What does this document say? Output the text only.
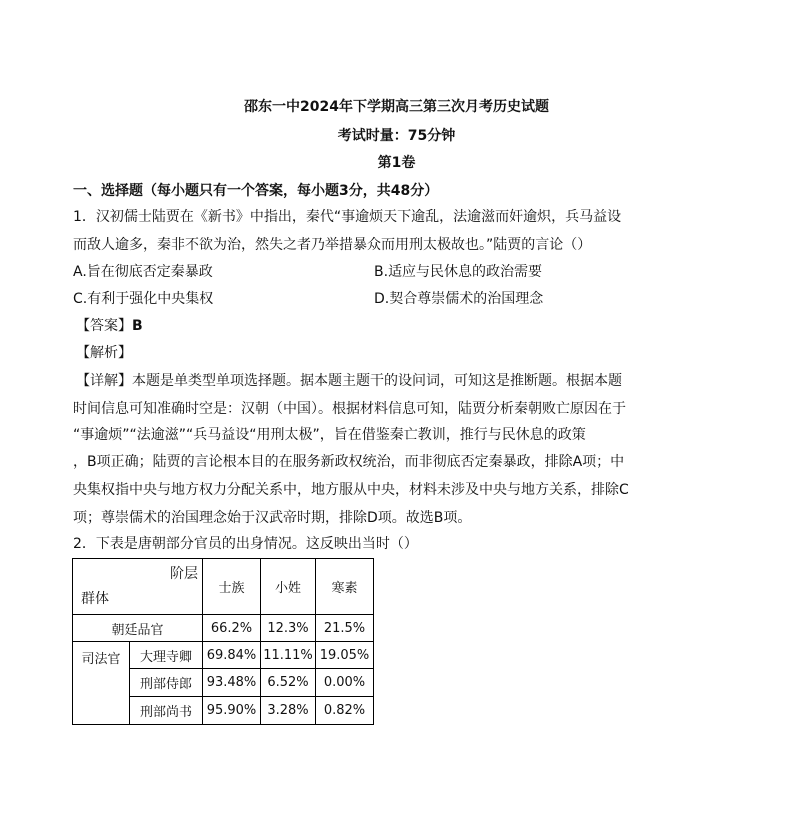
邵东一中2024年下学期高三第三次月考历史试题
考试时量：75分钟
第1卷
一、选择题（每小题只有一个答案，每小题3分，共48分）
1．汉初儒士陆贾在《新书》中指出，秦代“事逾烦天下逾乱，法逾滋而奸逾炽，兵马益设
而敌人逾多，秦非不欲为治，然失之者乃举措暴众而用刑太极故也。”陆贾的言论（）
A.旨在彻底否定秦暴政	B.适应与民休息的政治需要
C.有利于强化中央集权	D.契合尊崇儒术的治国理念
【答案】B
【解析】
【详解】本题是单类型单项选择题。据本题主题干的设问词，可知这是推断题。根据本题
时间信息可知准确时空是：汉朝（中国）。根据材料信息可知，陆贾分析秦朝败亡原因在于
“事逾烦”“法逾滋”“兵马益设“用刑太极”，旨在借鉴秦亡教训，推行与民休息的政策
，B项正确；陆贾的言论根本目的在服务新政权统治，而非彻底否定秦暴政，排除A项；中
央集权指中央与地方权力分配关系中，地方服从中央，材料未涉及中央与地方关系，排除C
项；尊崇儒术的治国理念始于汉武帝时期，排除D项。故选B项。
2．下表是唐朝部分官员的出身情况。这反映出当时（）
阶层
群体		士族	小姓	寒素
朝廷品官		66.2%	12.3%	21.5%
司法官	大理寺卿	69.84%	11.11%	19.05%
	刑部侍郎	93.48%	6.52%	0.00%
	刑部尚书	95.90%	3.28%	0.82%
